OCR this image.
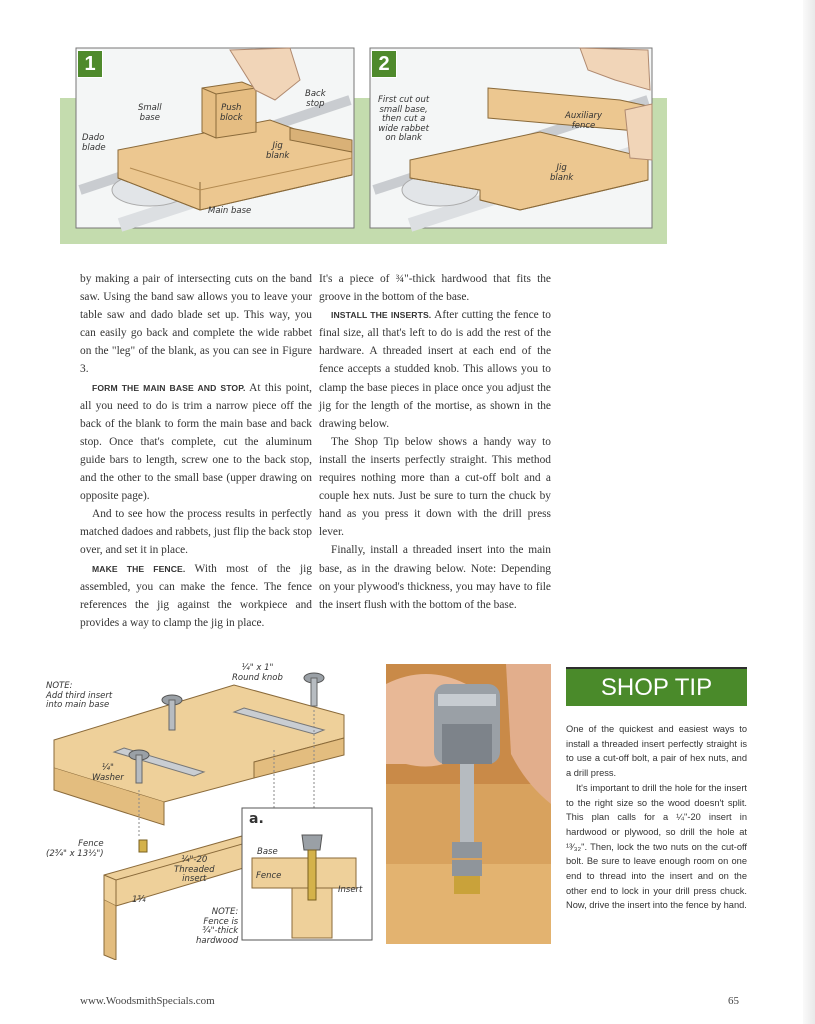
1	2
Small
base
Push
block
Back
stop
Dado
blade	Jig
blank
Main base
First cut out
small base,
then cut a
wide rabbet
on blank
Auxiliary
fence
Jig
blank

by making a pair of intersecting cuts on the band saw. Using the band saw allows you to leave your table saw and dado blade set up. This way, you can easily go back and complete the wide rabbet on the "leg" of the blank, as you can see in Figure 3.

FORM THE MAIN BASE AND STOP. At this point, all you need to do is trim a narrow piece off the back of the blank to form the main base and back stop. Once that's complete, cut the aluminum guide bars to length, screw one to the back stop, and the other to the small base (upper drawing on opposite page).

And to see how the process results in perfectly matched dadoes and rabbets, just flip the back stop over, and set it in place.

MAKE THE FENCE. With most of the jig assembled, you can make the fence. The fence references the jig against the workpiece and provides a way to clamp the jig in place.

It's a piece of ¾"-thick hardwood that fits the groove in the bottom of the base.

INSTALL THE INSERTS. After cutting the fence to final size, all that's left to do is add the rest of the hardware. A threaded insert at each end of the fence accepts a studded knob. This allows you to clamp the base pieces in place once you adjust the jig for the length of the mortise, as shown in the drawing below.

The Shop Tip below shows a handy way to install the inserts perfectly straight. This method requires nothing more than a cut-off bolt and a couple hex nuts. Just be sure to turn the chuck by hand as you press it down with the drill press lever.

Finally, install a threaded insert into the main base, as in the drawing below. Note: Depending on your plywood's thickness, you may have to file the insert flush with the bottom of the base.

NOTE:
Add third insert
into main base
¼" x 1"
Round knob
¼"
Washer
Fence
(2¾" x 13½")
¼"-20
Threaded
insert
1¾
NOTE:
Fence is
¾"-thick
hardwood
a.
Base
Fence
Insert
SHOP TIP

One of the quickest and easiest ways to install a threaded insert perfectly straight is to use a cut-off bolt, a pair of hex nuts, and a drill press.

It's important to drill the hole for the insert to the right size so the wood doesn't split. This plan calls for a ¼"-20 insert in hardwood or plywood, so drill the hole at ¹³⁄₃₂". Then, lock the two nuts on the cut-off bolt. Be sure to leave enough room on one end to thread into the insert and on the other end to lock in your drill press chuck. Now, drive the insert into the fence by hand.

www.WoodsmithSpecials.com	65
